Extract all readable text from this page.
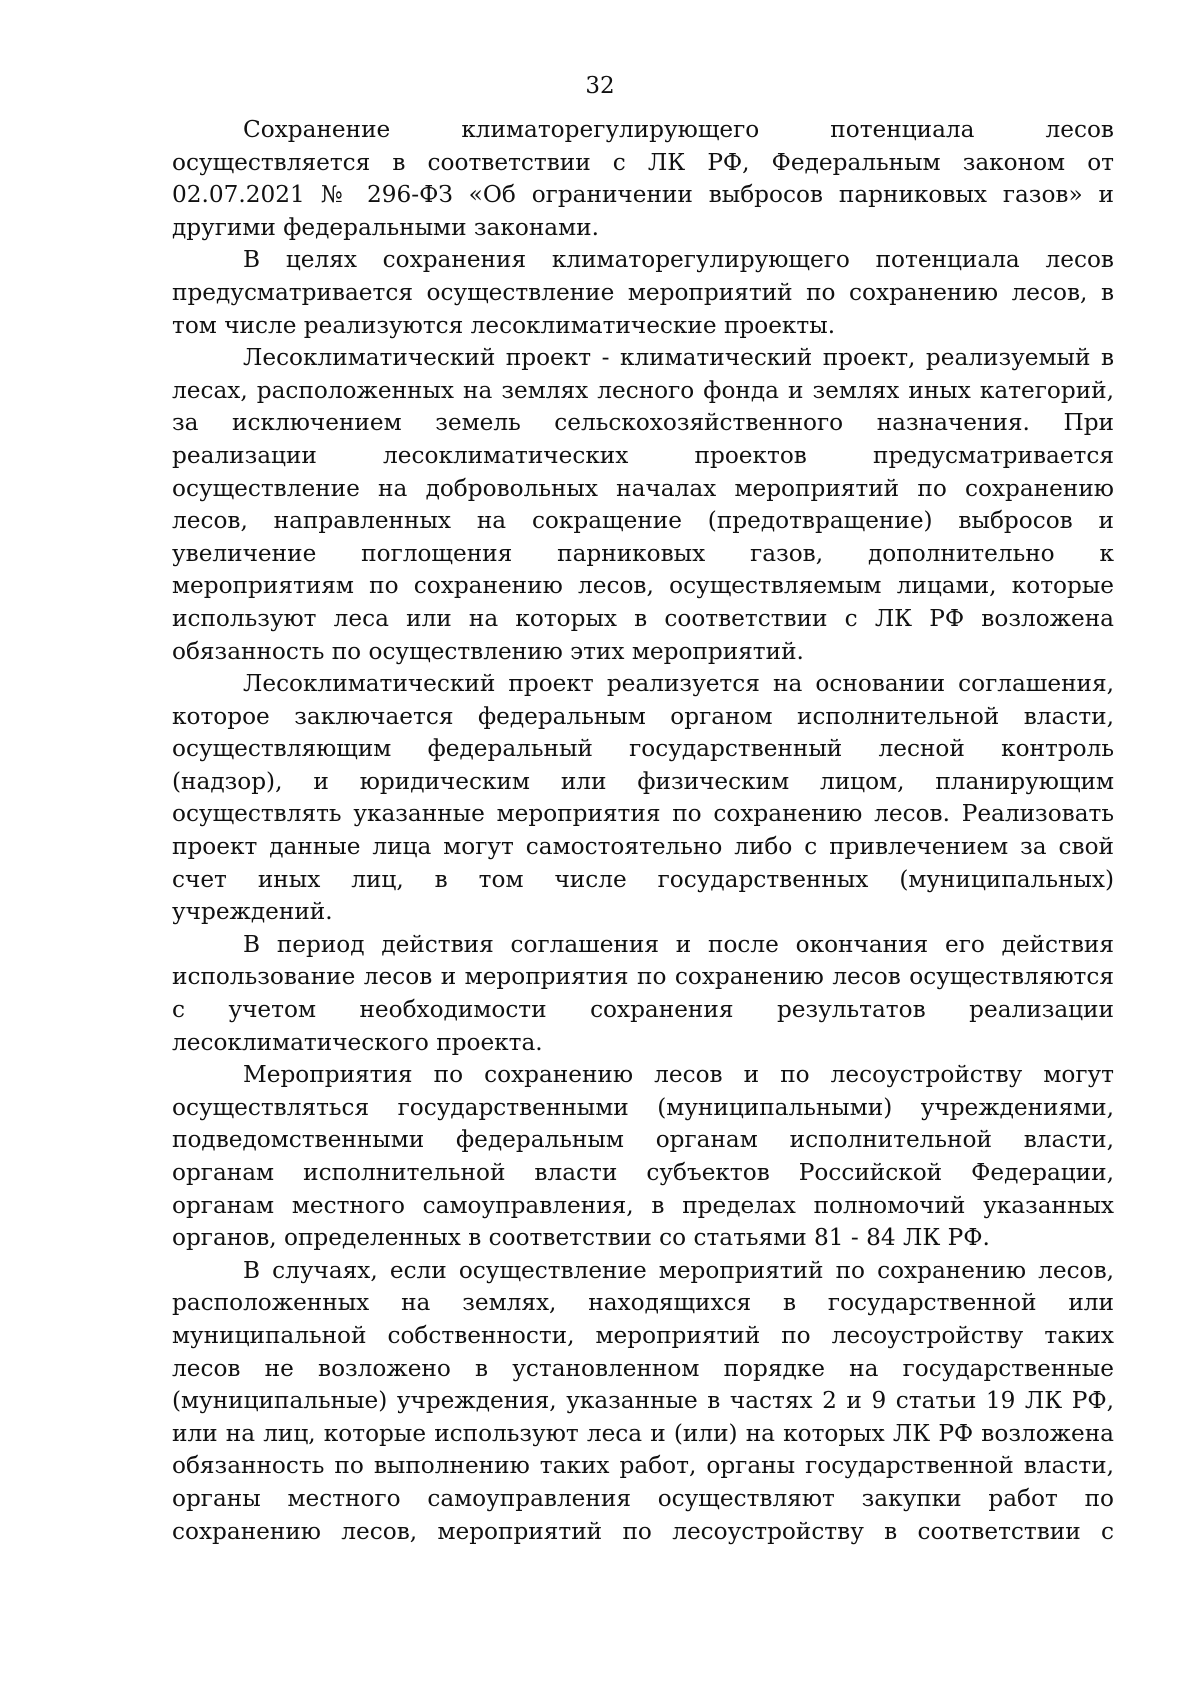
32

Сохранение климаторегулирующего потенциала лесов осуществляется в соответствии с ЛК РФ, Федеральным законом от 02.07.2021 № 296-ФЗ «Об ограничении выбросов парниковых газов» и другими федеральными законами.

В целях сохранения климаторегулирующего потенциала лесов предусматривается осуществление мероприятий по сохранению лесов, в том числе реализуются лесоклиматические проекты.

Лесоклиматический проект - климатический проект, реализуемый в лесах, расположенных на землях лесного фонда и землях иных категорий, за исключением земель сельскохозяйственного назначения. При реализации лесоклиматических проектов предусматривается осуществление на добровольных началах мероприятий по сохранению лесов, направленных на сокращение (предотвращение) выбросов и увеличение поглощения парниковых газов, дополнительно к мероприятиям по сохранению лесов, осуществляемым лицами, которые используют леса или на которых в соответствии с ЛК РФ возложена обязанность по осуществлению этих мероприятий.

Лесоклиматический проект реализуется на основании соглашения, которое заключается федеральным органом исполнительной власти, осуществляющим федеральный государственный лесной контроль (надзор), и юридическим или физическим лицом, планирующим осуществлять указанные мероприятия по сохранению лесов. Реализовать проект данные лица могут самостоятельно либо с привлечением за свой счет иных лиц, в том числе государственных (муниципальных) учреждений.

В период действия соглашения и после окончания его действия использование лесов и мероприятия по сохранению лесов осуществляются с учетом необходимости сохранения результатов реализации лесоклиматического проекта.

Мероприятия по сохранению лесов и по лесоустройству могут осуществляться государственными (муниципальными) учреждениями, подведомственными федеральным органам исполнительной власти, органам исполнительной власти субъектов Российской Федерации, органам местного самоуправления, в пределах полномочий указанных органов, определенных в соответствии со статьями 81 - 84 ЛК РФ.

В случаях, если осуществление мероприятий по сохранению лесов, расположенных на землях, находящихся в государственной или муниципальной собственности, мероприятий по лесоустройству таких лесов не возложено в установленном порядке на государственные (муниципальные) учреждения, указанные в частях 2 и 9 статьи 19 ЛК РФ, или на лиц, которые используют леса и (или) на которых ЛК РФ возложена обязанность по выполнению таких работ, органы государственной власти, органы местного самоуправления осуществляют закупки работ по сохранению лесов, мероприятий по лесоустройству в соответствии с
